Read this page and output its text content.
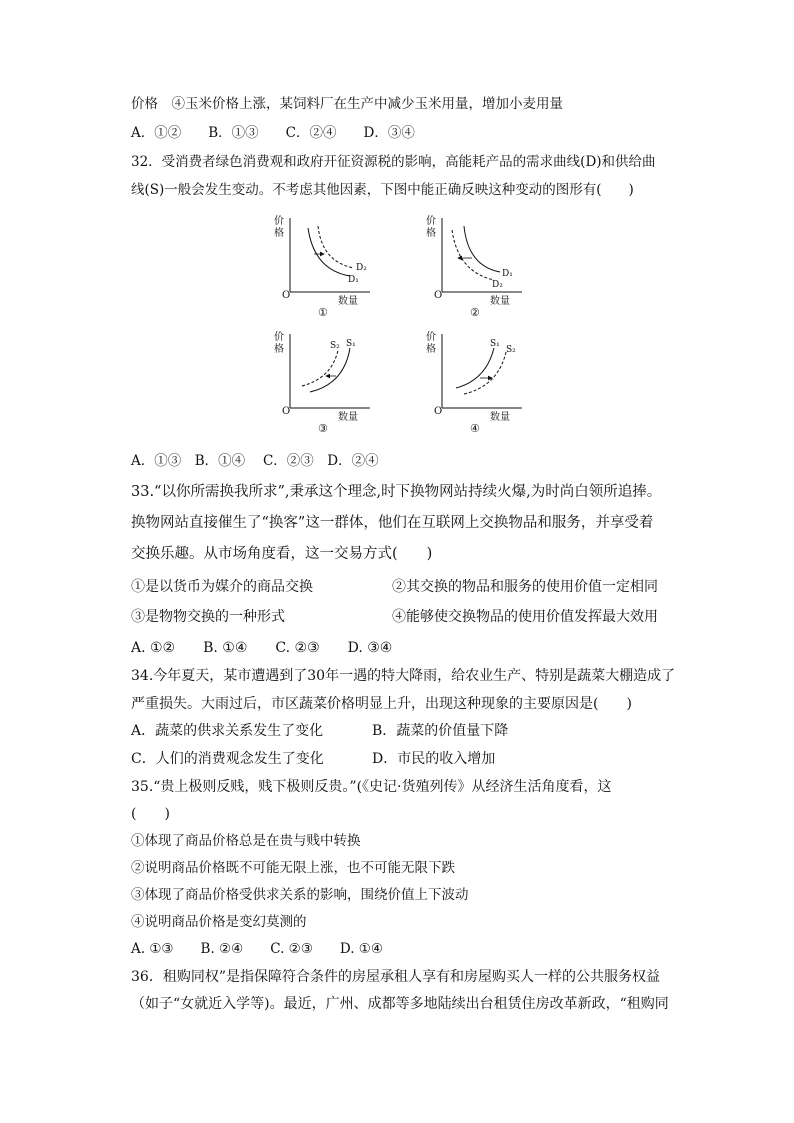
价格　④玉米价格上涨，某饲料厂在生产中减少玉米用量，增加小麦用量
A．①②　　B．①③　　C．②④　　D．③④
32．受消费者绿色消费观和政府开征资源税的影响，高能耗产品的需求曲线(D)和供给曲
线(S)一般会发生变动。不考虑其他因素，下图中能正确反映这种变动的图形有(　　)
价
格
O
数量
D₂
D₁
①
价
格
O
数量
D₁
D₂
②
价
格
O
数量
S₂ S₁
③
价
格
O
数量
S₁
S₂
④
A．①③　B．①④　 C．②③　D．②④
33.“以你所需换我所求”,秉承这个理念,时下换物网站持续火爆,为时尚白领所追捧。
换物网站直接催生了“换客”这一群体，他们在互联网上交换物品和服务，并享受着
交换乐趣。从市场角度看，这一交易方式(　　)
①是以货币为媒介的商品交换	②其交换的物品和服务的使用价值一定相同
③是物物交换的一种形式	④能够使交换物品的使用价值发挥最大效用
A. ①②　　B. ①④　　C. ②③　　D. ③④
34.今年夏天，某市遭遇到了30年一遇的特大降雨，给农业生产、特别是蔬菜大棚造成了
严重损失。大雨过后，市区蔬菜价格明显上升，出现这种现象的主要原因是(　　)
A．蔬菜的供求关系发生了变化	B．蔬菜的价值量下降
C．人们的消费观念发生了变化	D．市民的收入增加
35.“贵上极则反贱，贱下极则反贵。”(《史记·货殖列传》从经济生活角度看，这
(　　)
①体现了商品价格总是在贵与贱中转换
②说明商品价格既不可能无限上涨，也不可能无限下跌
③体现了商品价格受供求关系的影响，围绕价值上下波动
④说明商品价格是变幻莫测的
A. ①③　　B. ②④　　C. ②③　　D. ①④
36．租购同权”是指保障符合条件的房屋承租人享有和房屋购买人一样的公共服务权益
（如子“女就近入学等)。最近，广州、成都等多地陆续出台租赁住房改革新政，“租购同
